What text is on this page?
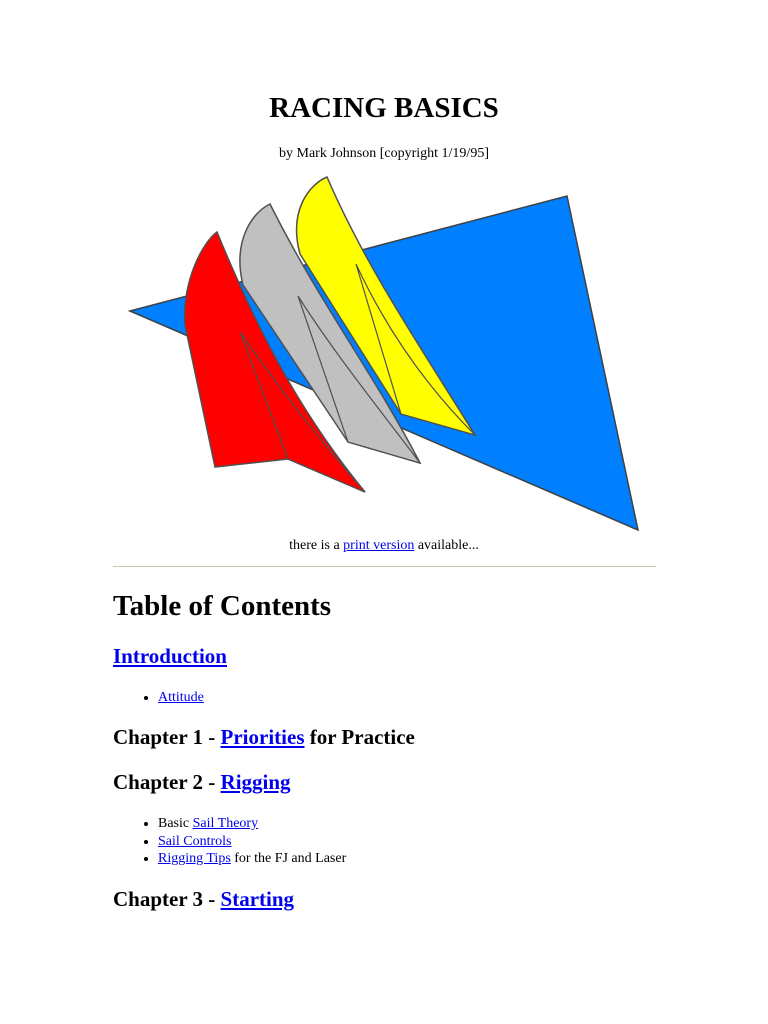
RACING BASICS

by Mark Johnson [copyright 1/19/95]

there is a print version available...

Table of Contents
Introduction
• Attitude
Chapter 1 - Priorities for Practice
Chapter 2 - Rigging
• Basic Sail Theory
• Sail Controls
• Rigging Tips for the FJ and Laser
Chapter 3 - Starting
